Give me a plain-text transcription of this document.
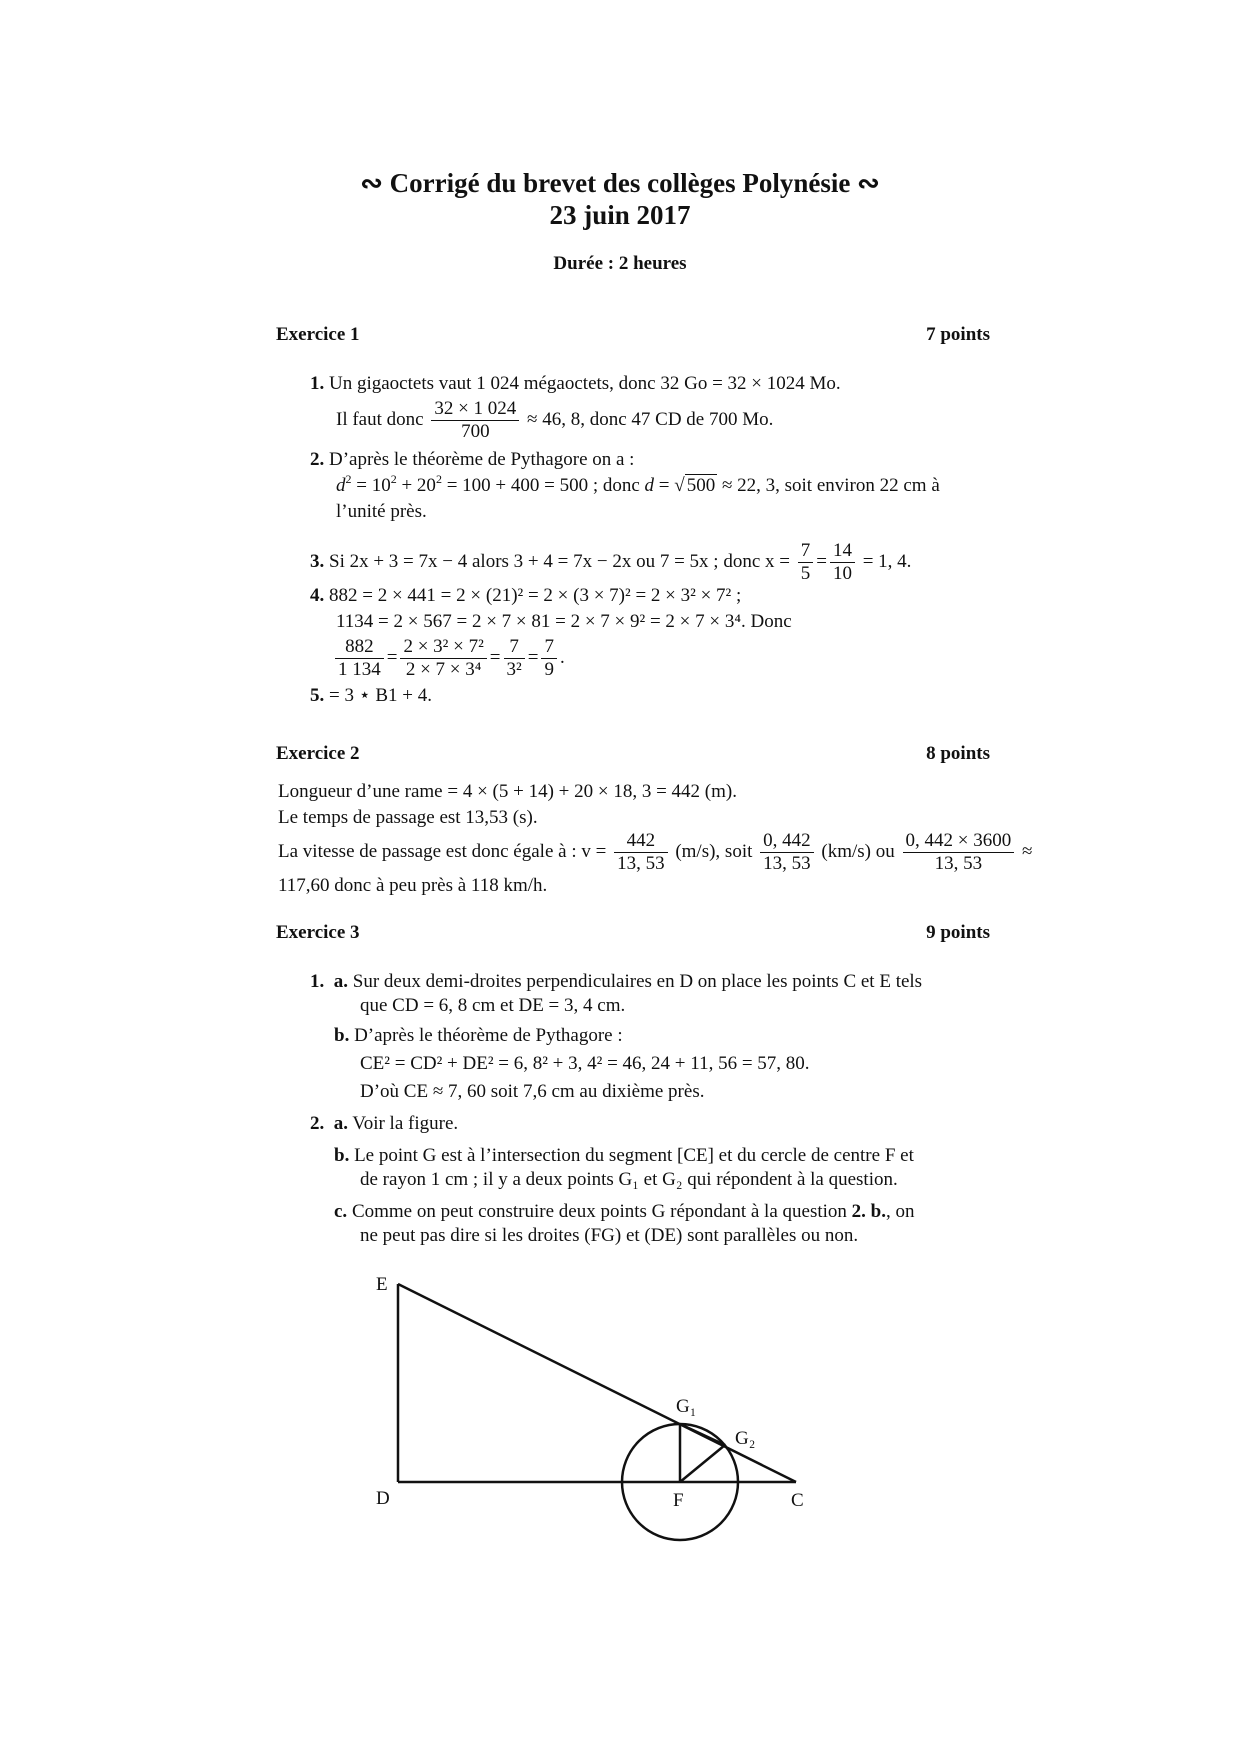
∾ Corrigé du brevet des collèges Polynésie ∾
23 juin 2017
Durée : 2 heures
Exercice 1	7 points
1. Un gigaoctets vaut 1 024 mégaoctets, donc 32 Go = 32 × 1024 Mo.
Il faut donc $\frac{32 \times 1 024}{700} \approx 46$, 8, donc 47 CD de 700 Mo.
2. D’après le théorème de Pythagore on a :
$d^2 = 10^2 + 20^2 = 100 + 400 = 500$ ; donc d = √ 500 ≈ 22, 3, soit environ 22 cm à
l’unité près.
3. Si 2x + 3 = 7x − 4 alors 3 + 4 = 7x − 2x ou 7 = 5x ; donc $x = \frac{7}{5} = \frac{14}{10} = 1$, 4.
4. 882 = 2 × 441 = 2 × (21)² = 2 × (3 × 7)² = 2 × 3² × 7² ;
1134 = 2 × 567 = 2 × 7 × 81 = 2 × 7 × 9² = 2 × 7 × 3⁴. Donc
$\frac{882}{1 134} = \frac{\text{2 × 3² × 7²}}{\text{2 × 7 × 3⁴}} = \frac{7}{\text{3²}} = \frac{7}{9}$ .
5. = 3 ⋆ B1 + 4.
Exercice 2	8 points
Longueur d’une rame = 4 × (5 + 14) + 20 × 18, 3 = 442 (m).
Le temps de passage est 13,53 (s).
La vitesse de passage est donc égale à : $v = \frac{442}{13, 53} (m/s)$, soit $\frac{0, 442}{13, 53} (km/s)$ ou $\frac{0, 442 \times 3600}{13, 53}$ ≈
117,60 donc à peu près à 118 km/h.
Exercice 3	9 points
1. a. Sur deux demi-droites perpendiculaires en D on place les points C et E tels
que CD = 6, 8 cm et DE = 3, 4 cm.
b. D’après le théorème de Pythagore :
CE² = CD² + DE² = 6, 8² + 3, 4² = 46, 24 + 11, 56 = 57, 80.
D’où CE ≈ 7, 60 soit 7,6 cm au dixième près.
2. a. Voir la figure.
b. Le point G est à l’intersection du segment [CE] et du cercle de centre F et
de rayon 1 cm ; il y a deux points G₁ et G₂ qui répondent à la question.
c. Comme on peut construire deux points G répondant à la question 2. b., on
ne peut pas dire si les droites (FG) et (DE) sont parallèles ou non.
E
D	F	C
G₁
G₂
